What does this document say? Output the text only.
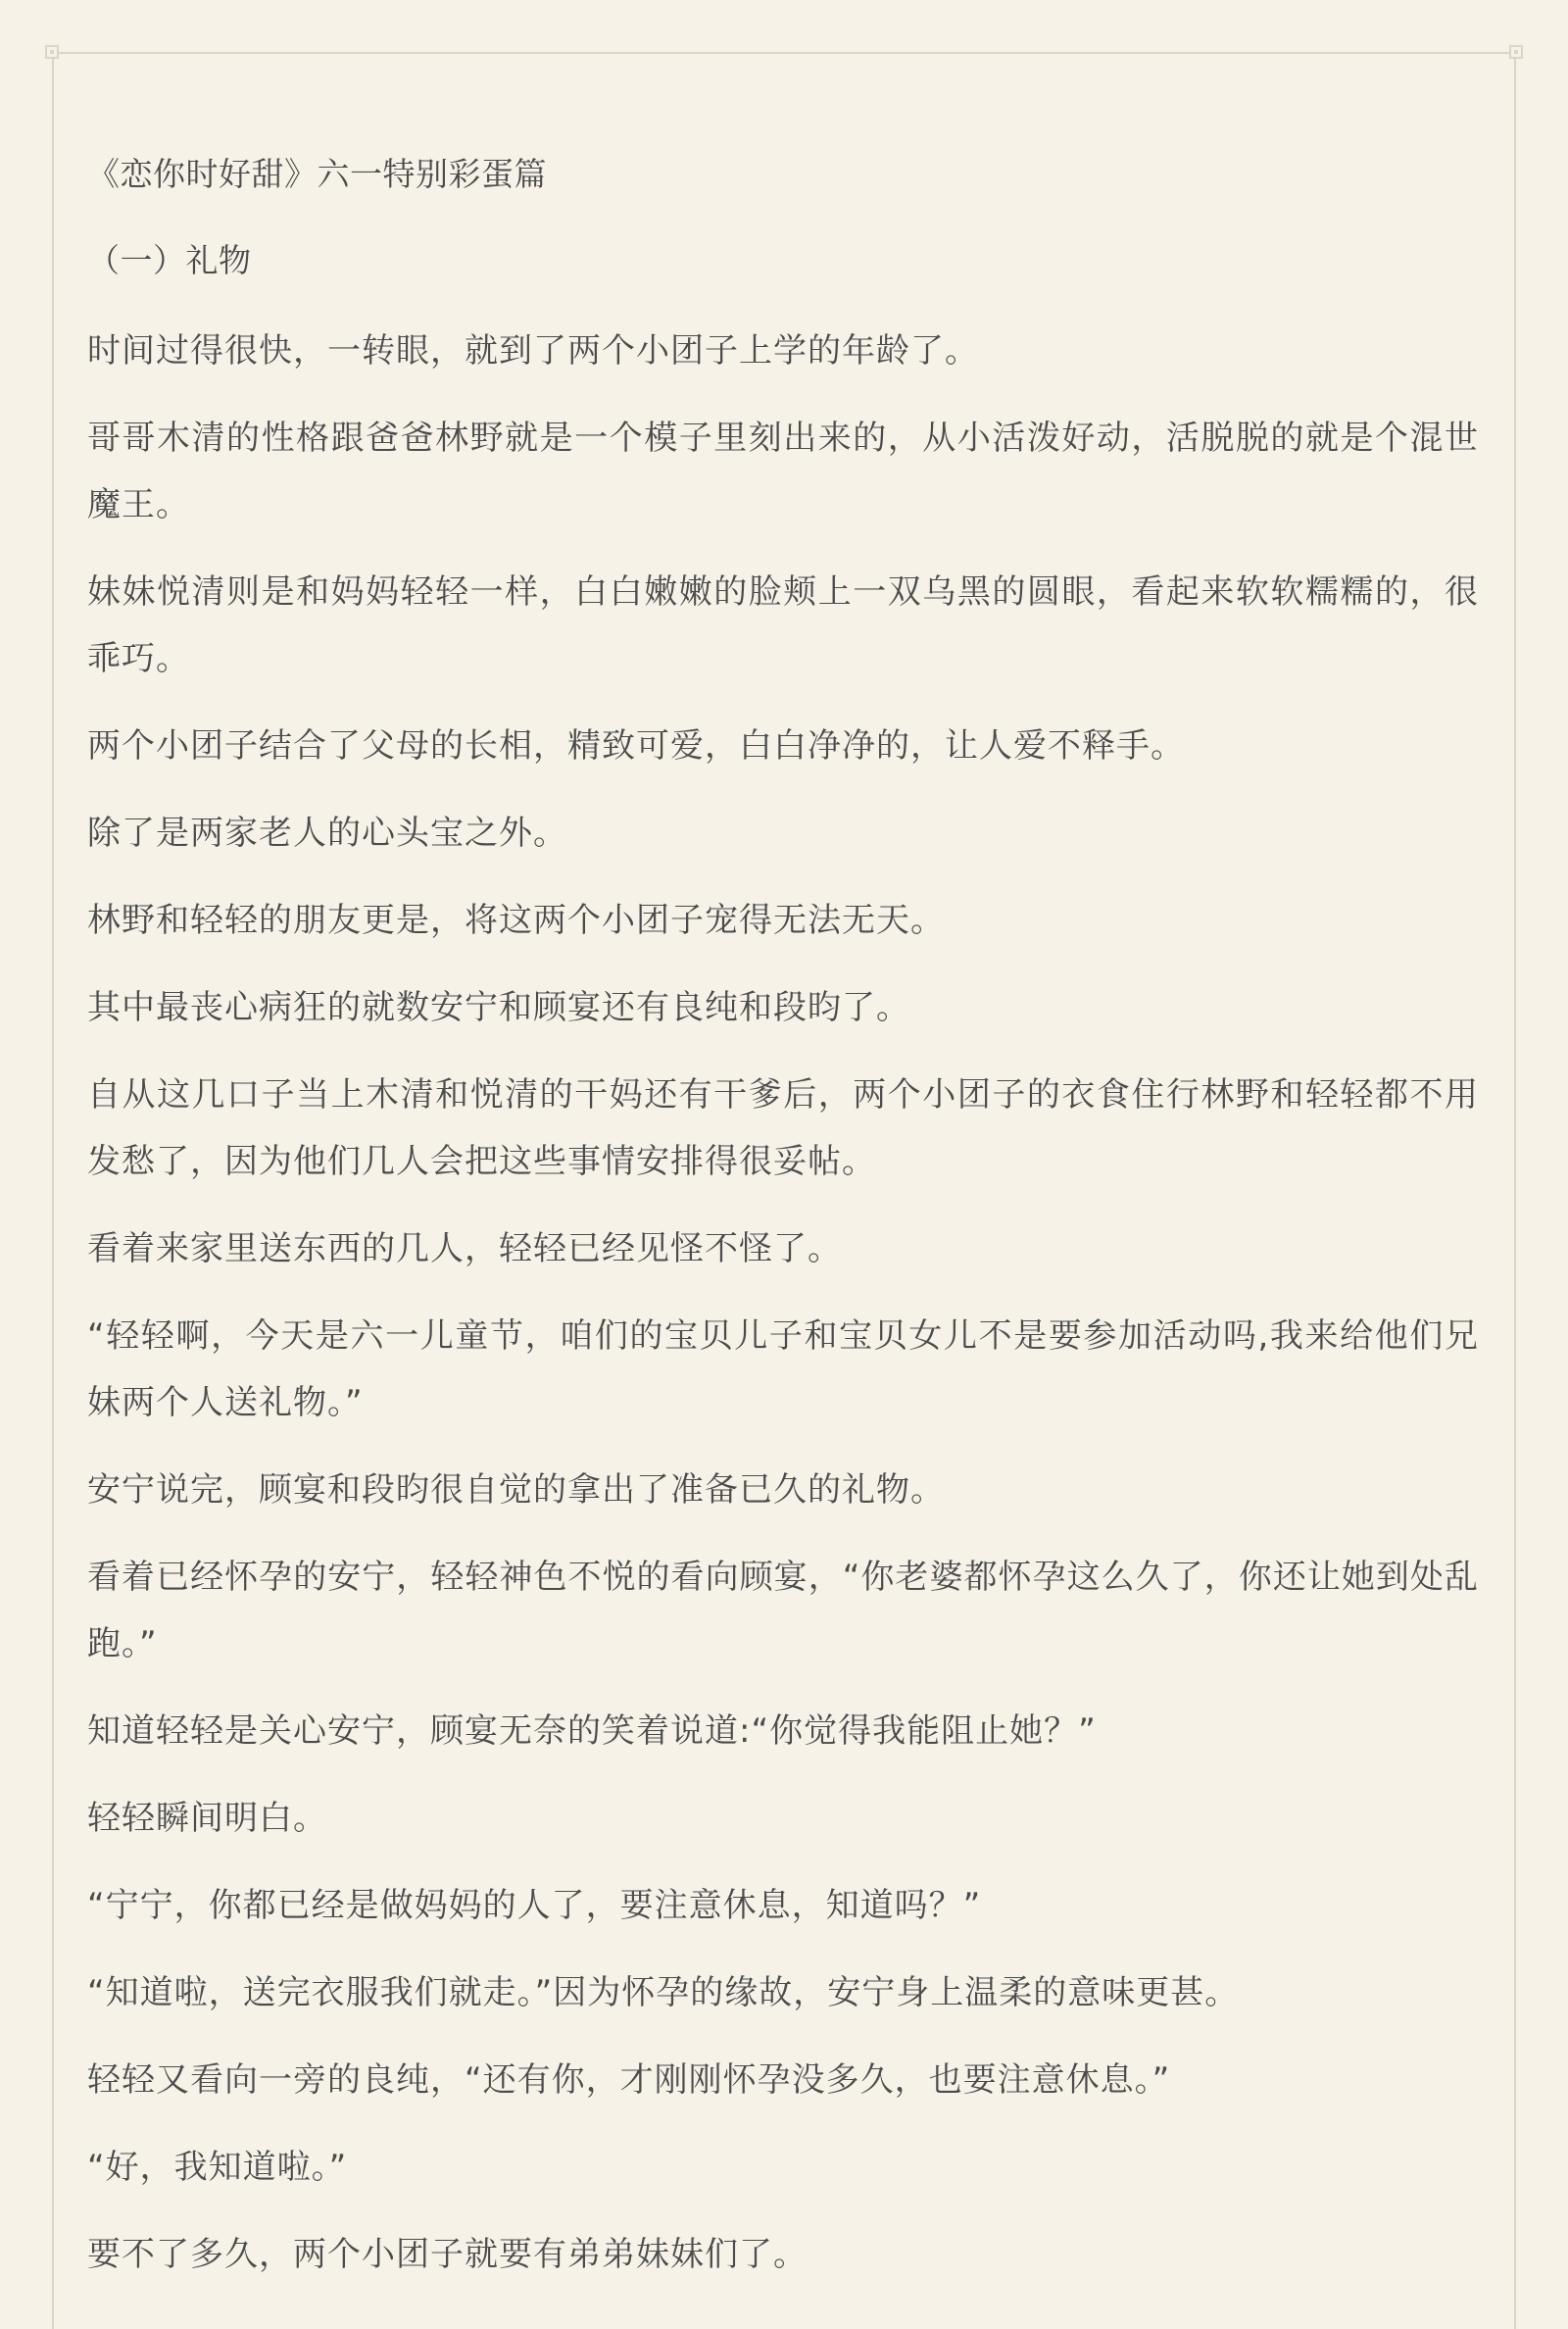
《恋你时好甜》六一特别彩蛋篇
（一）礼物

时间过得很快，一转眼，就到了两个小团子上学的年龄了。

哥哥木清的性格跟爸爸林野就是一个模子里刻出来的，从小活泼好动，活脱脱的就是个混世魔王。

妹妹悦清则是和妈妈轻轻一样，白白嫩嫩的脸颊上一双乌黑的圆眼，看起来软软糯糯的，很乖巧。

两个小团子结合了父母的长相，精致可爱，白白净净的，让人爱不释手。

除了是两家老人的心头宝之外。

林野和轻轻的朋友更是，将这两个小团子宠得无法无天。

其中最丧心病狂的就数安宁和顾宴还有良纯和段昀了。

自从这几口子当上木清和悦清的干妈还有干爹后，两个小团子的衣食住行林野和轻轻都不用发愁了，因为他们几人会把这些事情安排得很妥帖。

看着来家里送东西的几人，轻轻已经见怪不怪了。

“轻轻啊，今天是六一儿童节，咱们的宝贝儿子和宝贝女儿不是要参加活动吗,我来给他们兄妹两个人送礼物。”

安宁说完，顾宴和段昀很自觉的拿出了准备已久的礼物。

看着已经怀孕的安宁，轻轻神色不悦的看向顾宴，“你老婆都怀孕这么久了，你还让她到处乱跑。”

知道轻轻是关心安宁，顾宴无奈的笑着说道:“你觉得我能阻止她？”

轻轻瞬间明白。

“宁宁，你都已经是做妈妈的人了，要注意休息，知道吗？”

“知道啦，送完衣服我们就走。”因为怀孕的缘故，安宁身上温柔的意味更甚。

轻轻又看向一旁的良纯，“还有你，才刚刚怀孕没多久，也要注意休息。”

“好，我知道啦。”

要不了多久，两个小团子就要有弟弟妹妹们了。
